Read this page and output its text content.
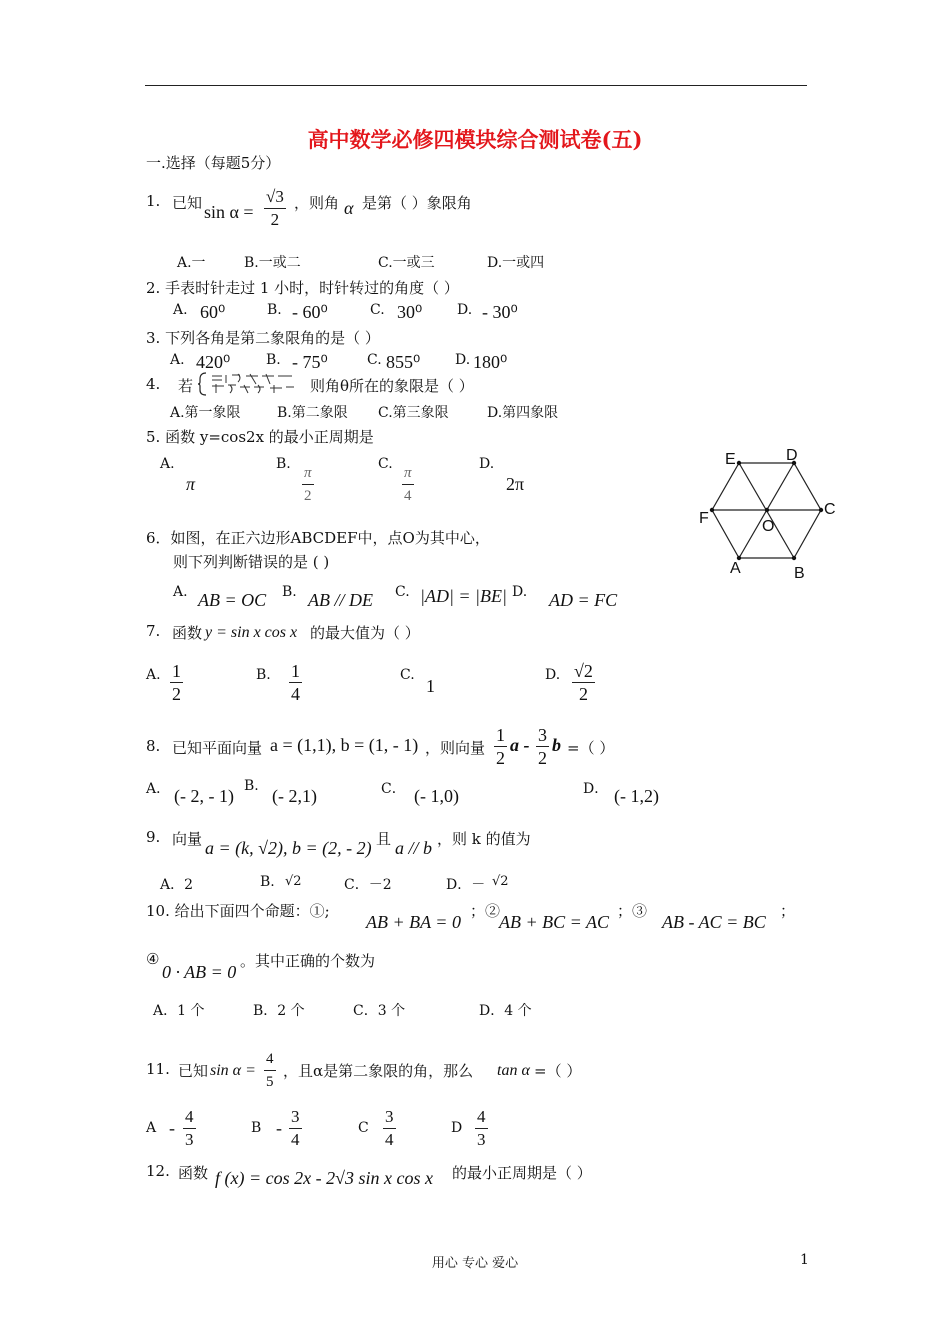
高中数学必修四模块综合测试卷(五)
一.选择（每题5分）
1. 已知 $\sin \alpha = \frac{√3}{2}$ ，则角 α 是第（ ）象限角
A.一	B.一或二	C.一或三	D.一或四
2. 手表时针走过 1 小时，时针转过的角度（ ）
A. 60⁰	B. - 60⁰	C. 30⁰ D. - 30⁰
3. 下列各角是第二象限角的是（ ）
A. 420⁰	B. - 75⁰	C. 855⁰ D. 180⁰
4. 若	则角θ所在的象限是（ ）
A.第一象限	B.第二象限 C.第三象限	D.第四象限
5. 函数 y=cos2x 的最小正周期是
A.
π
B. $\frac{\pi}{2}$	C. $\frac{\pi}{4}$	D.
2π
E	D
C
F	O
A	B
6．如图，在正六边形ABCDEF中，点O为其中心，
则下列判断错误的是 ( )
A. AB = OC B. AB // DE C. |AD| = |BE| D. AD = FC
7. 函数 y = sin x cos x 的最大值为（ ）
A. $\frac{1}{2}$	B. $\frac{1}{4}$	C.
1
D. $\frac{√2}{2}$
8. 已知平面向量 a = (1,1), b = (1, - 1) ，则向量 $\frac{1}{2}$ a - $\frac{3}{2}$ b =（ ）
A． (- 2, - 1) B. (- 2,1)	C． (- 1,0)	D． (- 1,2)
9. 向量 a = (k, √2), b = (2, - 2) 且 a // b ，则 k 的值为
A．2	B. √2	C．－2	D．－ √2
10. 给出下面四个命题：①;
AB + BA = 0
；②
AB + BC = AC
；③
AB - AC = BC
；
④
0 · AB = 0
。其中正确的个数为
A．1 个	B．2 个	C．3 个	D．4 个
11. 已知 $\sin \alpha = \frac{4}{5}$ ，且α是第二象限的角，那么 tan α =（ ）
A - $\frac{4}{3}$	B - $\frac{3}{4}$	C $\frac{3}{4}$	D $\frac{4}{3}$
12. 函数 f (x) = cos 2x - 2√3 sin x cos x 的最小正周期是（ ）
用心 专心 爱心	1
